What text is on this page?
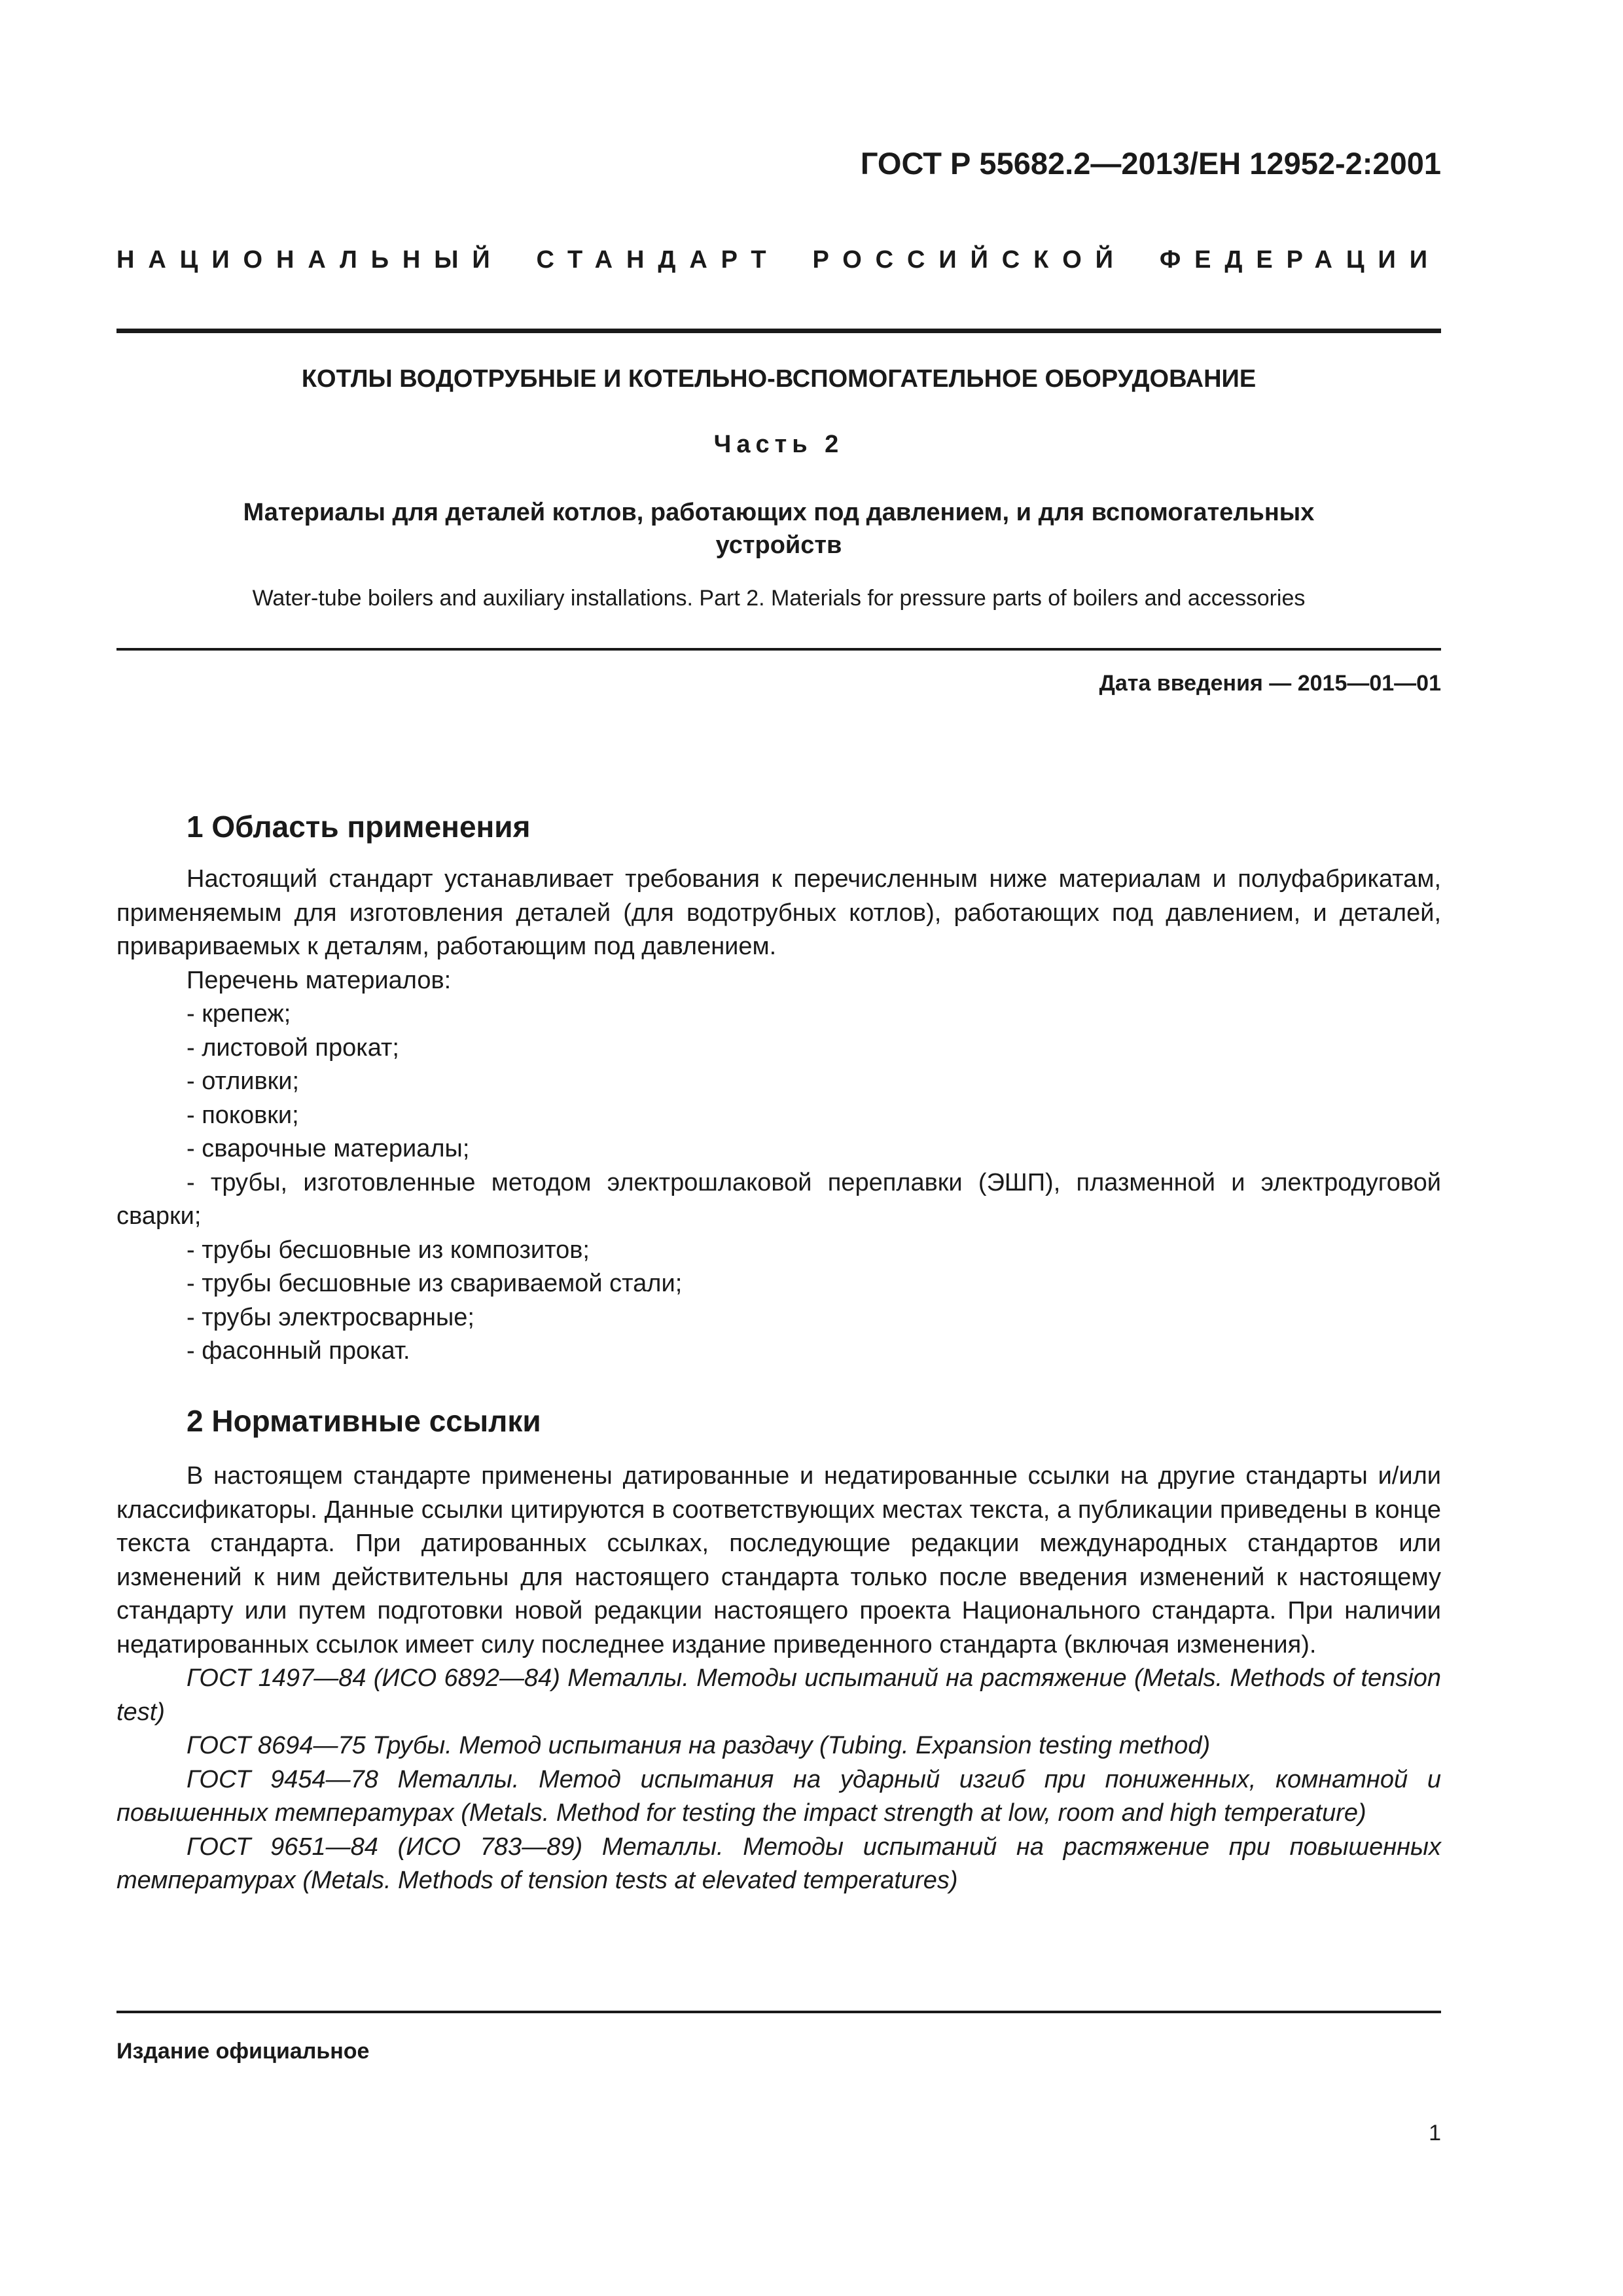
ГОСТ Р 55682.2—2013/ЕН 12952-2:2001
НАЦИОНАЛЬНЫЙ СТАНДАРТ РОССИЙСКОЙ ФЕДЕРАЦИИ
КОТЛЫ ВОДОТРУБНЫЕ И КОТЕЛЬНО-ВСПОМОГАТЕЛЬНОЕ ОБОРУДОВАНИЕ
Часть 2
Материалы для деталей котлов, работающих под давлением, и для вспомогательных
устройств
Water-tube boilers and auxiliary installations. Part 2. Materials for pressure parts of boilers and accessories
Дата введения — 2015—01—01
1 Область применения

Настоящий стандарт устанавливает требования к перечисленным ниже материалам и полуфабрикатам, применяемым для изготовления деталей (для водотрубных котлов), работающих под давлением, и деталей, привариваемых к деталям, работающим под давлением.

Перечень материалов:

- крепеж;

- листовой прокат;

- отливки;

- поковки;

- сварочные материалы;

- трубы, изготовленные методом электрошлаковой переплавки (ЭШП), плазменной и электродуговой сварки;

- трубы бесшовные из композитов;

- трубы бесшовные из свариваемой стали;

- трубы электросварные;

- фасонный прокат.

2 Нормативные ссылки

В настоящем стандарте применены датированные и недатированные ссылки на другие стандарты и/или классификаторы. Данные ссылки цитируются в соответствующих местах текста, а публикации приведены в конце текста стандарта. При датированных ссылках, последующие редакции международных стандартов или изменений к ним действительны для настоящего стандарта только после введения изменений к настоящему стандарту или путем подготовки новой редакции настоящего проекта Национального стандарта. При наличии недатированных ссылок имеет силу последнее издание приведенного стандарта (включая изменения).

ГОСТ 1497—84 (ИСО 6892—84) Металлы. Методы испытаний на растяжение (Metals. Methods of tension test)

ГОСТ 8694—75 Трубы. Метод испытания на раздачу (Tubing. Expansion testing method)

ГОСТ 9454—78 Металлы. Метод испытания на ударный изгиб при пониженных, комнатной и повышенных температурах (Metals. Method for testing the impact strength at low, room and high temperature)

ГОСТ 9651—84 (ИСО 783—89) Металлы. Методы испытаний на растяжение при повышенных температурах (Metals. Methods of tension tests at elevated temperatures)

Издание официальное
1
